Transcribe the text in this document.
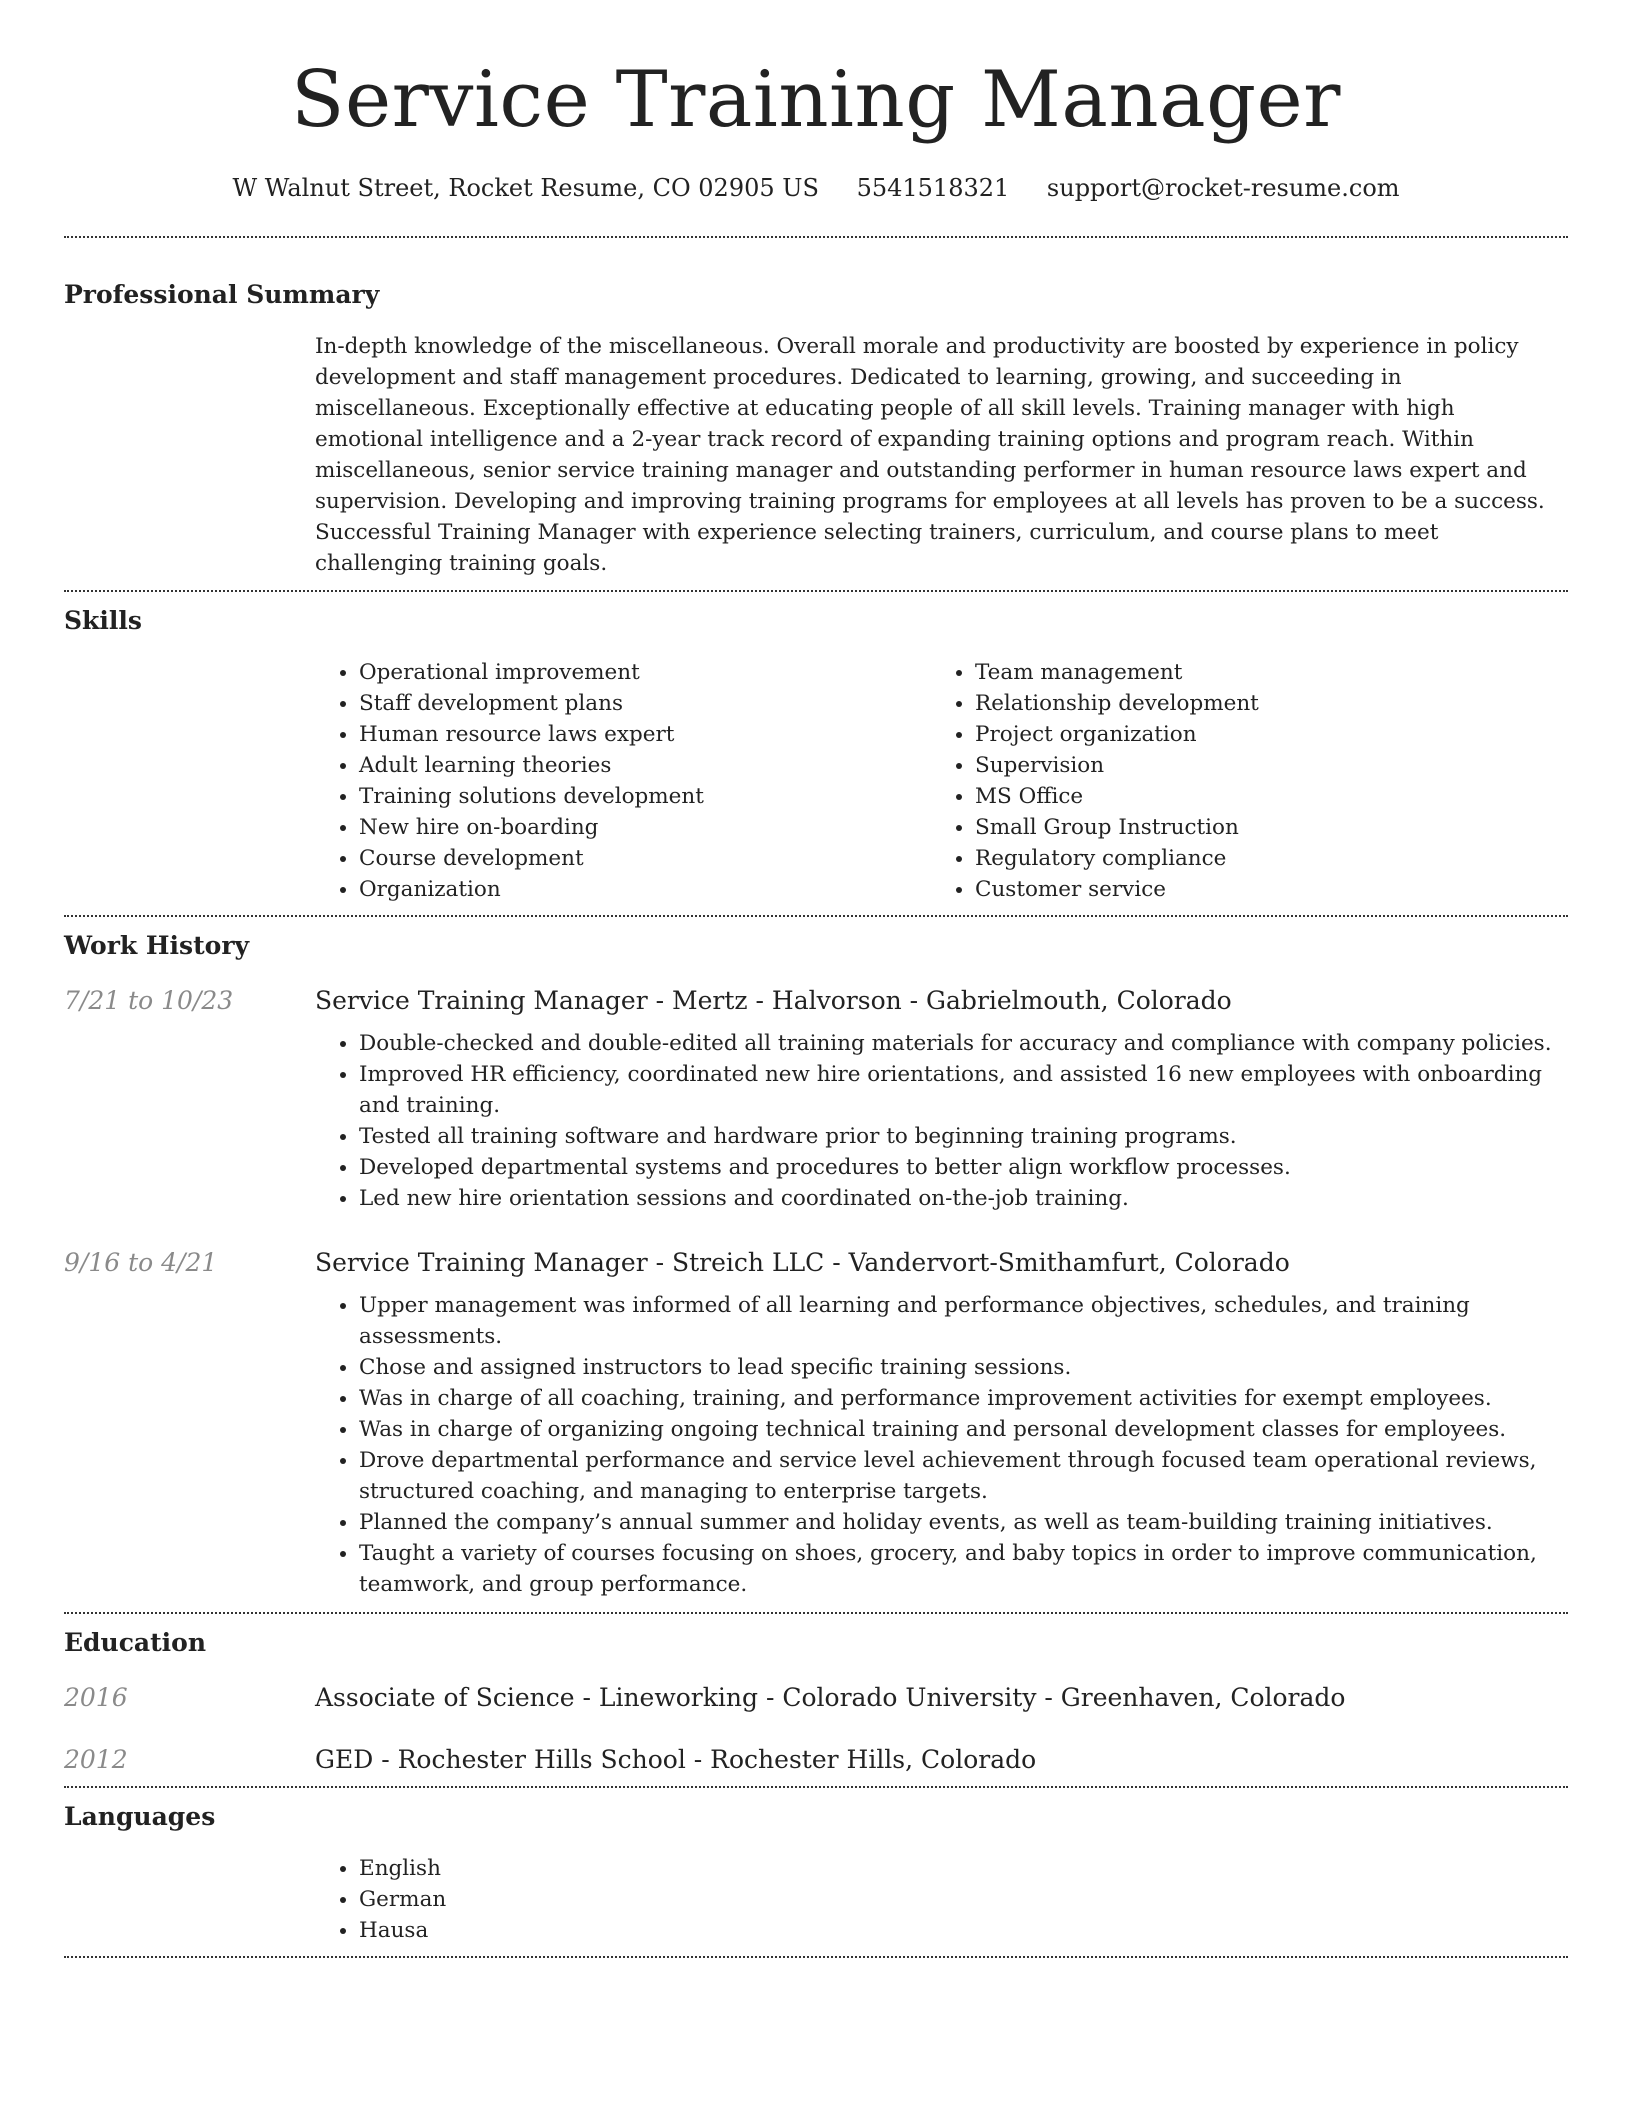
Service Training Manager
W Walnut Street, Rocket Resume, CO 02905 US 5541518321 support@rocket-resume.com
Professional Summary
In-depth knowledge of the miscellaneous. Overall morale and productivity are boosted by experience in policy development and staff management procedures. Dedicated to learning, growing, and succeeding in miscellaneous. Exceptionally effective at educating people of all skill levels. Training manager with high emotional intelligence and a 2-year track record of expanding training options and program reach. Within miscellaneous, senior service training manager and outstanding performer in human resource laws expert and supervision. Developing and improving training programs for employees at all levels has proven to be a success. Successful Training Manager with experience selecting trainers, curriculum, and course plans to meet challenging training goals.
Skills
• Operational improvement
• Staff development plans
• Human resource laws expert
• Adult learning theories
• Training solutions development
• New hire on-boarding
• Course development
• Organization
• Team management
• Relationship development
• Project organization
• Supervision
• MS Office
• Small Group Instruction
• Regulatory compliance
• Customer service
Work History
7/21 to 10/23	Service Training Manager - Mertz - Halvorson - Gabrielmouth, Colorado
• Double-checked and double-edited all training materials for accuracy and compliance with company policies.
• Improved HR efficiency, coordinated new hire orientations, and assisted 16 new employees with onboarding and training.
• Tested all training software and hardware prior to beginning training programs.
• Developed departmental systems and procedures to better align workflow processes.
• Led new hire orientation sessions and coordinated on-the-job training.
9/16 to 4/21	Service Training Manager - Streich LLC - Vandervort-Smithamfurt, Colorado
• Upper management was informed of all learning and performance objectives, schedules, and training assessments.
• Chose and assigned instructors to lead specific training sessions.
• Was in charge of all coaching, training, and performance improvement activities for exempt employees.
• Was in charge of organizing ongoing technical training and personal development classes for employees.
• Drove departmental performance and service level achievement through focused team operational reviews, structured coaching, and managing to enterprise targets.
• Planned the company’s annual summer and holiday events, as well as team-building training initiatives.
• Taught a variety of courses focusing on shoes, grocery, and baby topics in order to improve communication, teamwork, and group performance.
Education
2016	Associate of Science - Lineworking - Colorado University - Greenhaven, Colorado
2012	GED - Rochester Hills School - Rochester Hills, Colorado
Languages
• English
• German
• Hausa
